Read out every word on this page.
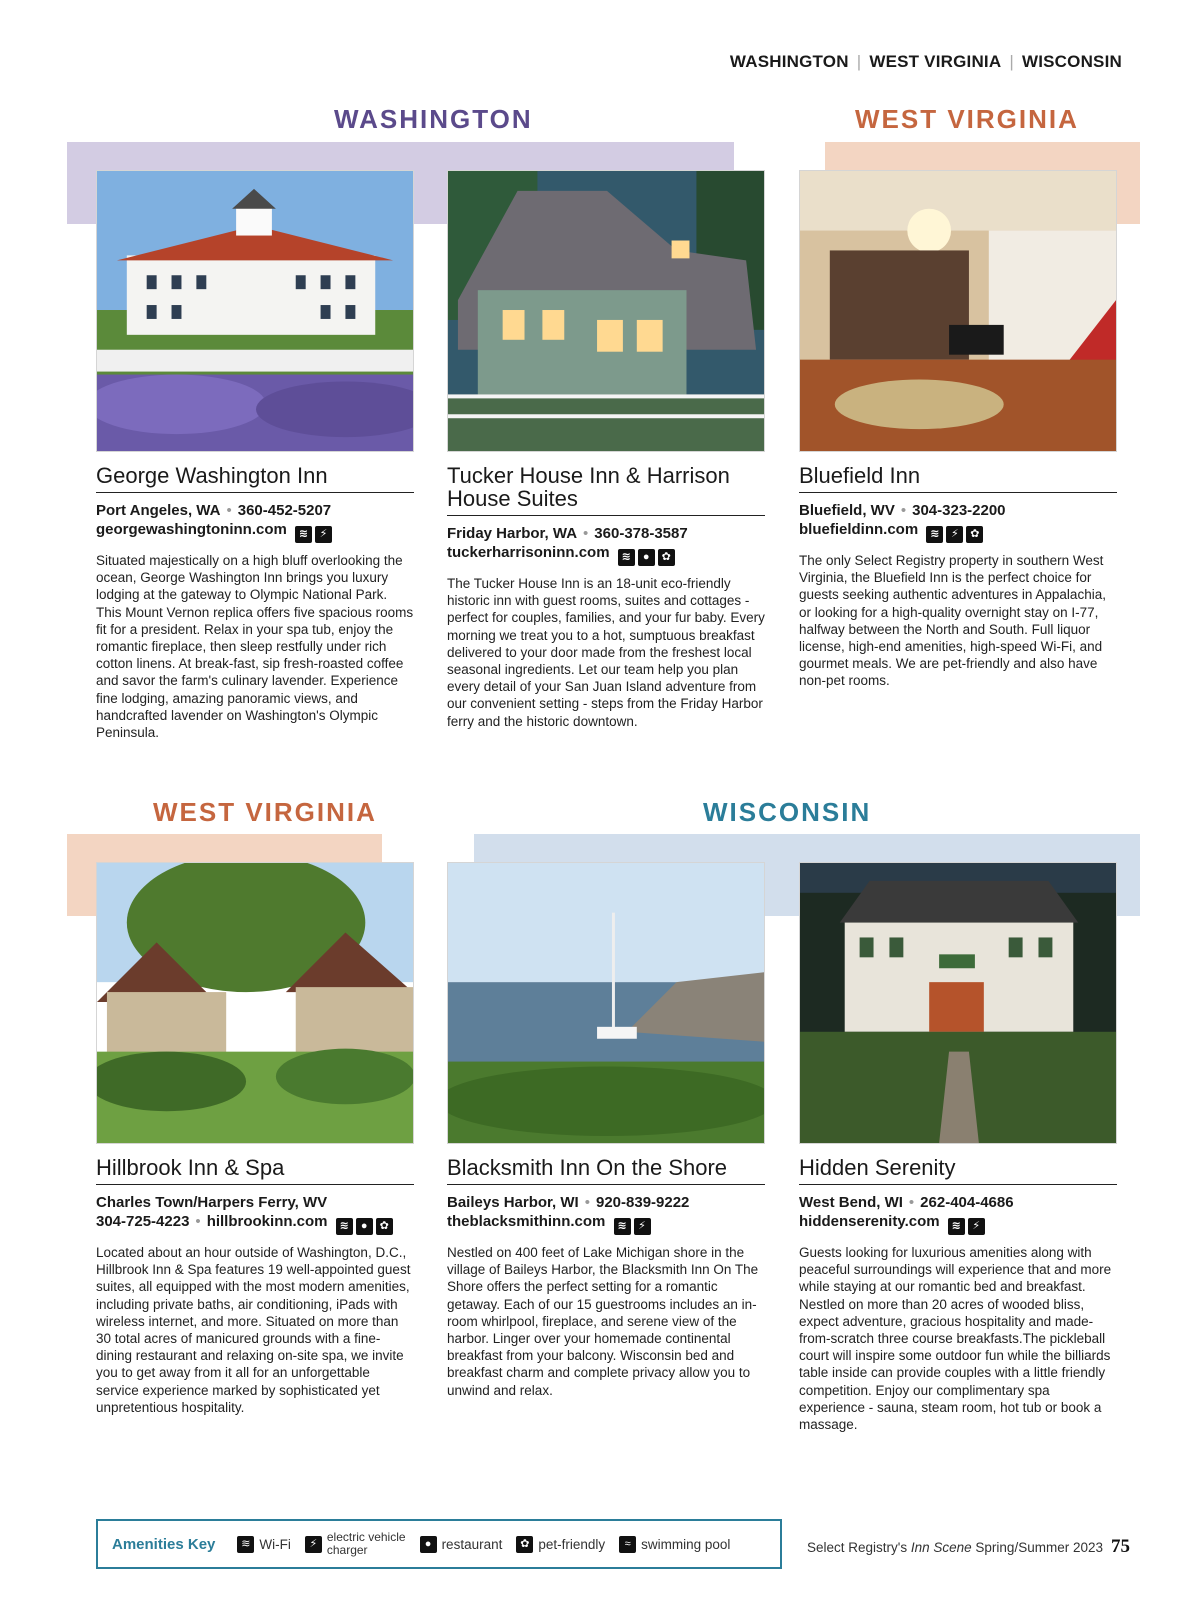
WASHINGTON | WEST VIRGINIA | WISCONSIN
WASHINGTON	WEST VIRGINIA
WEST VIRGINIA	WISCONSIN
George Washington Inn
Port Angeles, WA • 360-452-5207
georgewashingtoninn.com ≋ ⚡
Situated majestically on a high bluff overlooking the ocean, George Washington Inn brings you luxury lodging at the gateway to Olympic National Park. This Mount Vernon replica offers five spacious rooms fit for a president. Relax in your spa tub, enjoy the romantic fireplace, then sleep restfully under rich cotton linens. At break-fast, sip fresh-roasted coffee and savor the farm's culinary lavender. Experience fine lodging, amazing panoramic views, and handcrafted lavender on Washington's Olympic Peninsula.
Tucker House Inn & Harrison House Suites
Friday Harbor, WA • 360-378-3587
tuckerharrisoninn.com ≋ ● ✿
The Tucker House Inn is an 18-unit eco-friendly historic inn with guest rooms, suites and cottages - perfect for couples, families, and your fur baby. Every morning we treat you to a hot, sumptuous breakfast delivered to your door made from the freshest local seasonal ingredients. Let our team help you plan every detail of your San Juan Island adventure from our convenient setting - steps from the Friday Harbor ferry and the historic downtown.
Bluefield Inn
Bluefield, WV • 304-323-2200
bluefieldinn.com ≋ ⚡ ✿
The only Select Registry property in southern West Virginia, the Bluefield Inn is the perfect choice for guests seeking authentic adventures in Appalachia, or looking for a high-quality overnight stay on I-77, halfway between the North and South. Full liquor license, high-end amenities, high-speed Wi-Fi, and gourmet meals. We are pet-friendly and also have non-pet rooms.
Hillbrook Inn & Spa
Charles Town/Harpers Ferry, WV
304-725-4223 • hillbrookinn.com ≋ ● ✿
Located about an hour outside of Washington, D.C., Hillbrook Inn & Spa features 19 well-appointed guest suites, all equipped with the most modern amenities, including private baths, air conditioning, iPads with wireless internet, and more. Situated on more than 30 total acres of manicured grounds with a fine-dining restaurant and relaxing on-site spa, we invite you to get away from it all for an unforgettable service experience marked by sophisticated yet unpretentious hospitality.
Blacksmith Inn On the Shore
Baileys Harbor, WI • 920-839-9222
theblacksmithinn.com ≋ ⚡
Nestled on 400 feet of Lake Michigan shore in the village of Baileys Harbor, the Blacksmith Inn On The Shore offers the perfect setting for a romantic getaway. Each of our 15 guestrooms includes an in-room whirlpool, fireplace, and serene view of the harbor. Linger over your homemade continental breakfast from your balcony. Wisconsin bed and breakfast charm and complete privacy allow you to unwind and relax.
Hidden Serenity
West Bend, WI • 262-404-4686
hiddenserenity.com ≋ ⚡
Guests looking for luxurious amenities along with peaceful surroundings will experience that and more while staying at our romantic bed and breakfast. Nestled on more than 20 acres of wooded bliss, expect adventure, gracious hospitality and made-from-scratch three course breakfasts.The pickleball court will inspire some outdoor fun while the billiards table inside can provide couples with a little friendly competition. Enjoy our complimentary spa experience - sauna, steam room, hot tub or book a massage.
Amenities Key	≋ Wi-Fi	⚡ electric vehicle
charger	● restaurant	✿ pet-friendly	≈ swimming pool	Select Registry's Inn Scene Spring/Summer 2023 75
